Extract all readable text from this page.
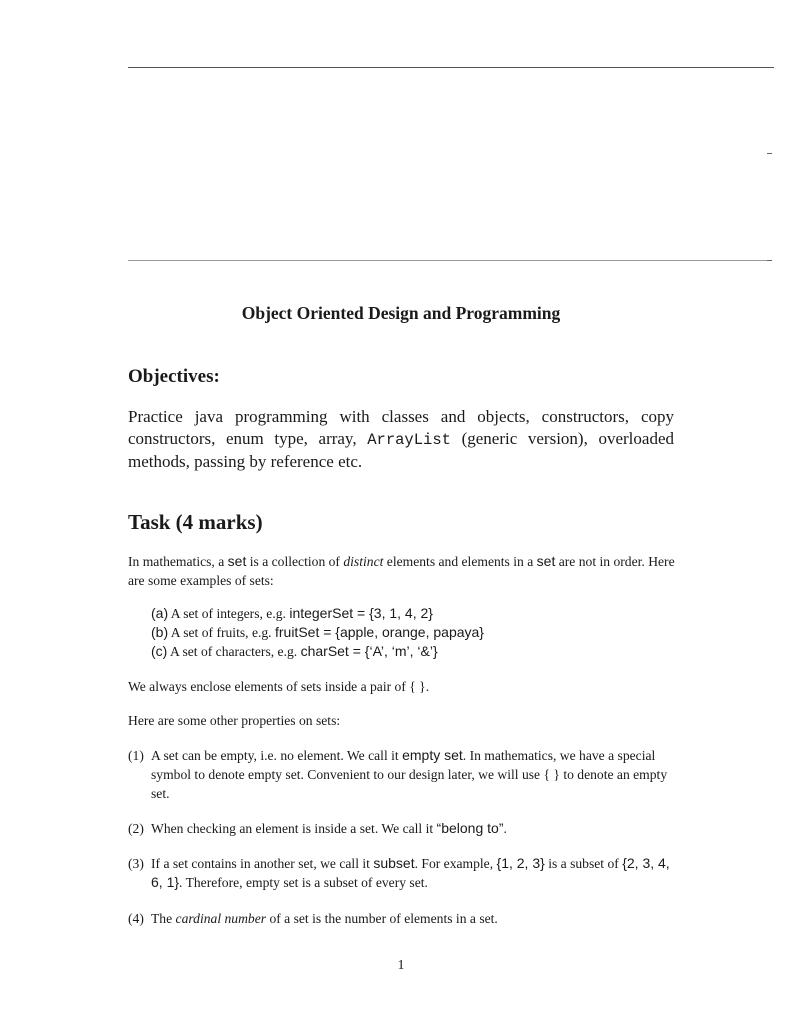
Object Oriented Design and Programming
Objectives:

Practice java programming with classes and objects, constructors, copy constructors, enum type, array, ArrayList (generic version), overloaded methods, passing by reference etc.

Task (4 marks)

In mathematics, a set is a collection of distinct elements and elements in a set are not in order. Here are some examples of sets:

(a) A set of integers, e.g. integerSet = {3, 1, 4, 2}
(b) A set of fruits, e.g. fruitSet = {apple, orange, papaya}
(c) A set of characters, e.g. charSet = {‘A’, ‘m’, ‘&’}

We always enclose elements of sets inside a pair of { }.

Here are some other properties on sets:

(1) A set can be empty, i.e. no element. We call it empty set. In mathematics, we have a special symbol to denote empty set. Convenient to our design later, we will use { } to denote an empty set.
(2) When checking an element is inside a set. We call it “belong to”.
(3) If a set contains in another set, we call it subset. For example, {1, 2, 3} is a subset of {2, 3, 4, 6, 1}. Therefore, empty set is a subset of every set.
(4) The cardinal number of a set is the number of elements in a set.
1
